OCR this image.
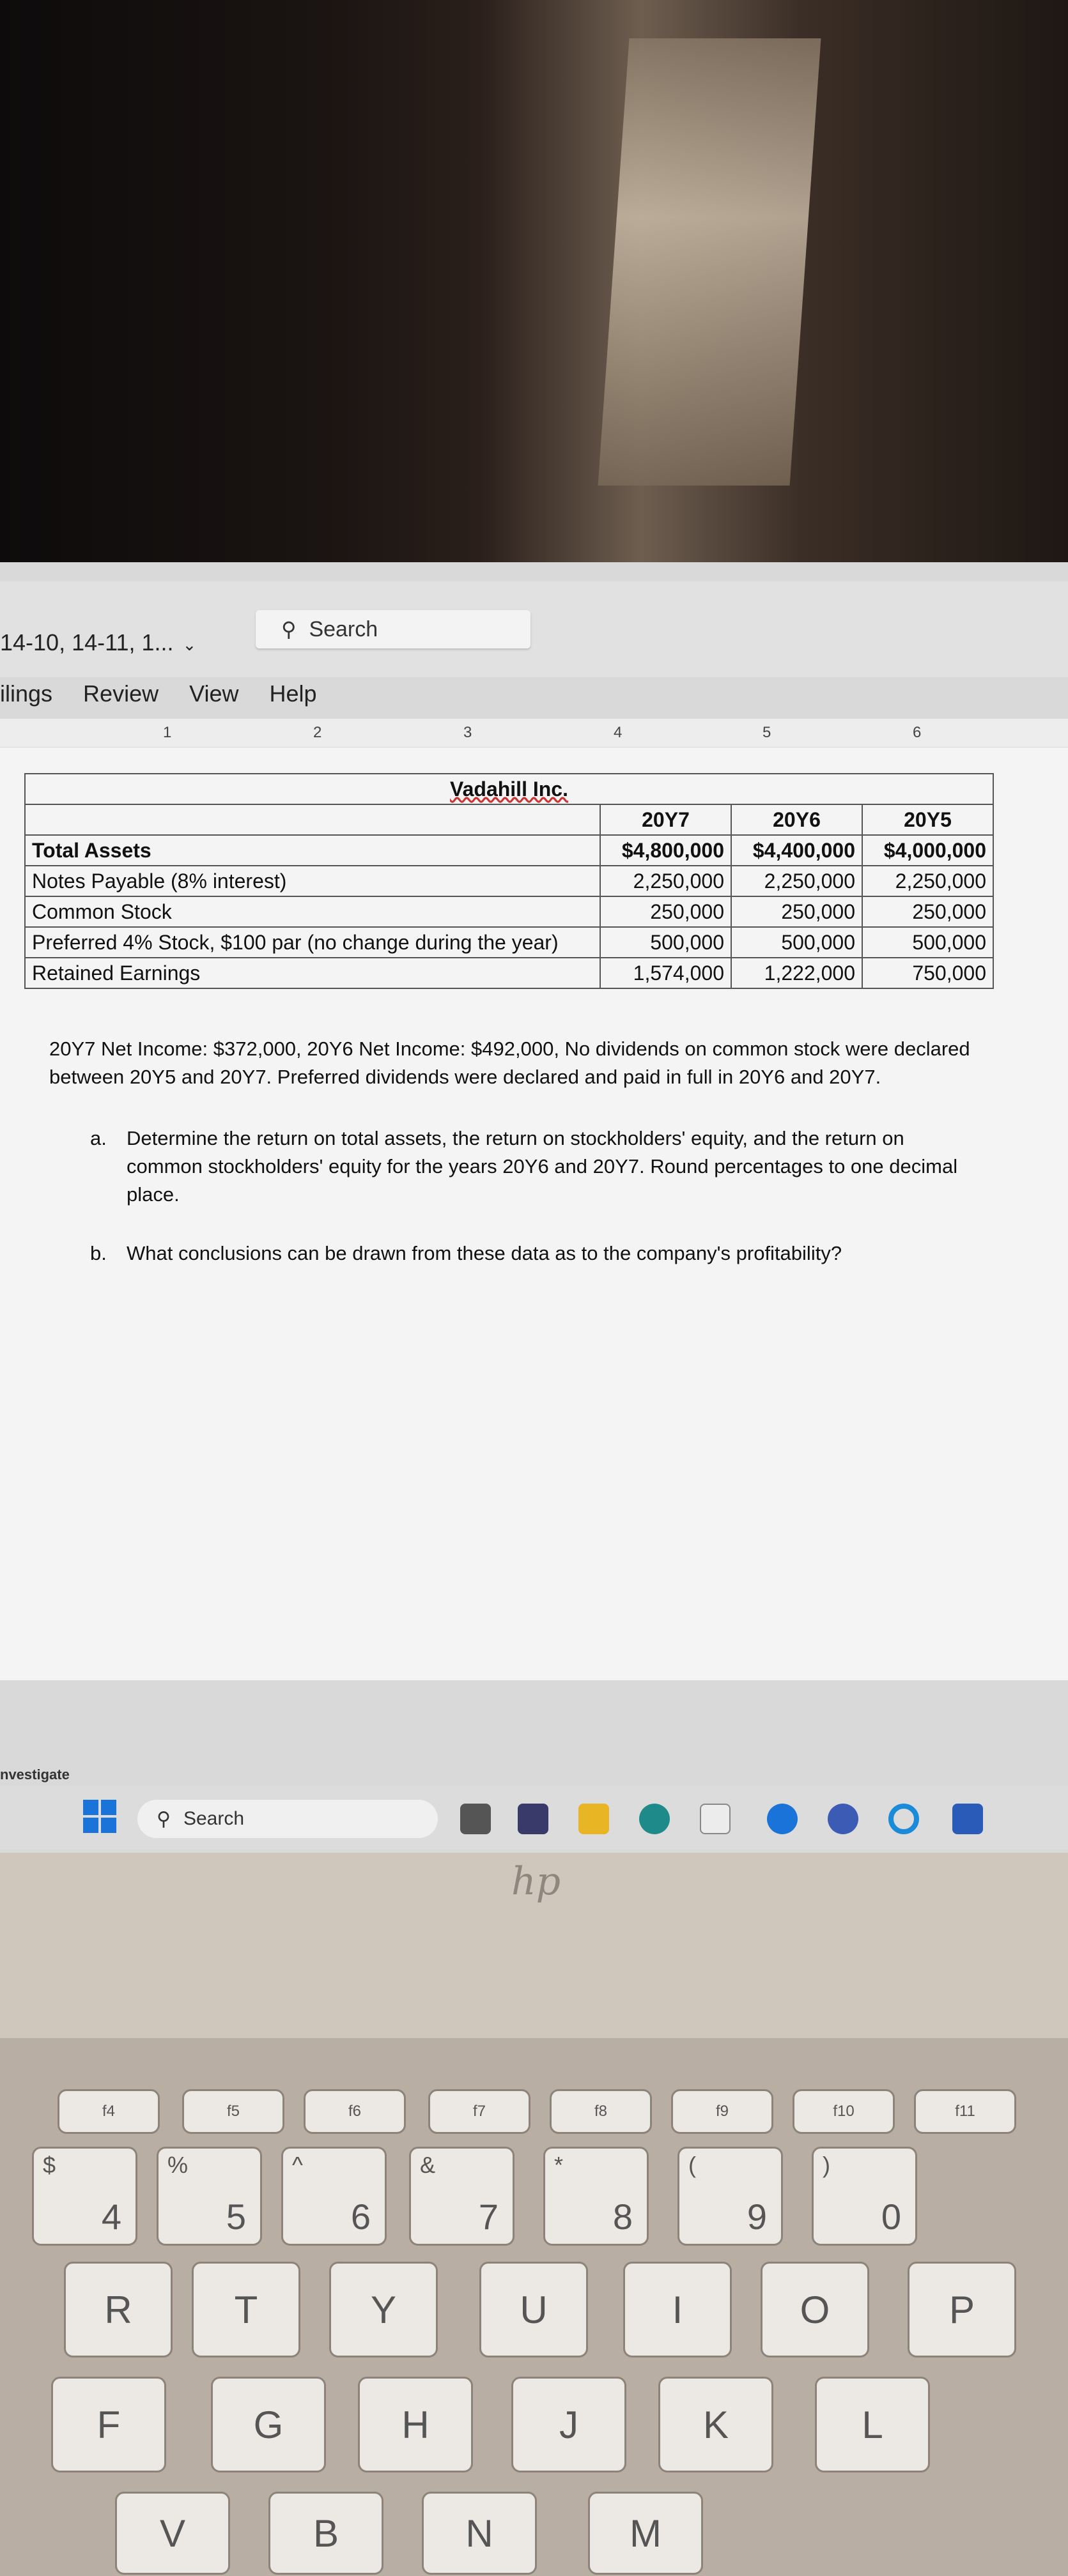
14-10, 14-11, 1... ⌄
⚲ Search
ilings Review View Help
1	2	3	4	5	6
Vadahill Inc.			
	20Y7	20Y6	20Y5
Total Assets	$4,800,000	$4,400,000	$4,000,000
Notes Payable (8% interest)	2,250,000	2,250,000	2,250,000
Common Stock	250,000	250,000	250,000
Preferred 4% Stock, $100 par (no change during the year)	500,000	500,000	500,000
Retained Earnings	1,574,000	1,222,000	750,000
20Y7 Net Income: $372,000, 20Y6 Net Income: $492,000, No dividends on common stock were declared between 20Y5 and 20Y7. Preferred dividends were declared and paid in full in 20Y6 and 20Y7.
a.	Determine the return on total assets, the return on stockholders' equity, and the return on common stockholders' equity for the years 20Y6 and 20Y7. Round percentages to one decimal place.
b.	What conclusions can be drawn from these data as to the company's profitability?
nvestigate
⚲ Search
hp
f4	f5	f6	f7	f8	f9	f10	f11
$
4
%
5
^
6
&
7
*
8
(
9
)
0
R	T	Y	U	I	O	P
F	G	H	J	K	L
V	B	N	M
